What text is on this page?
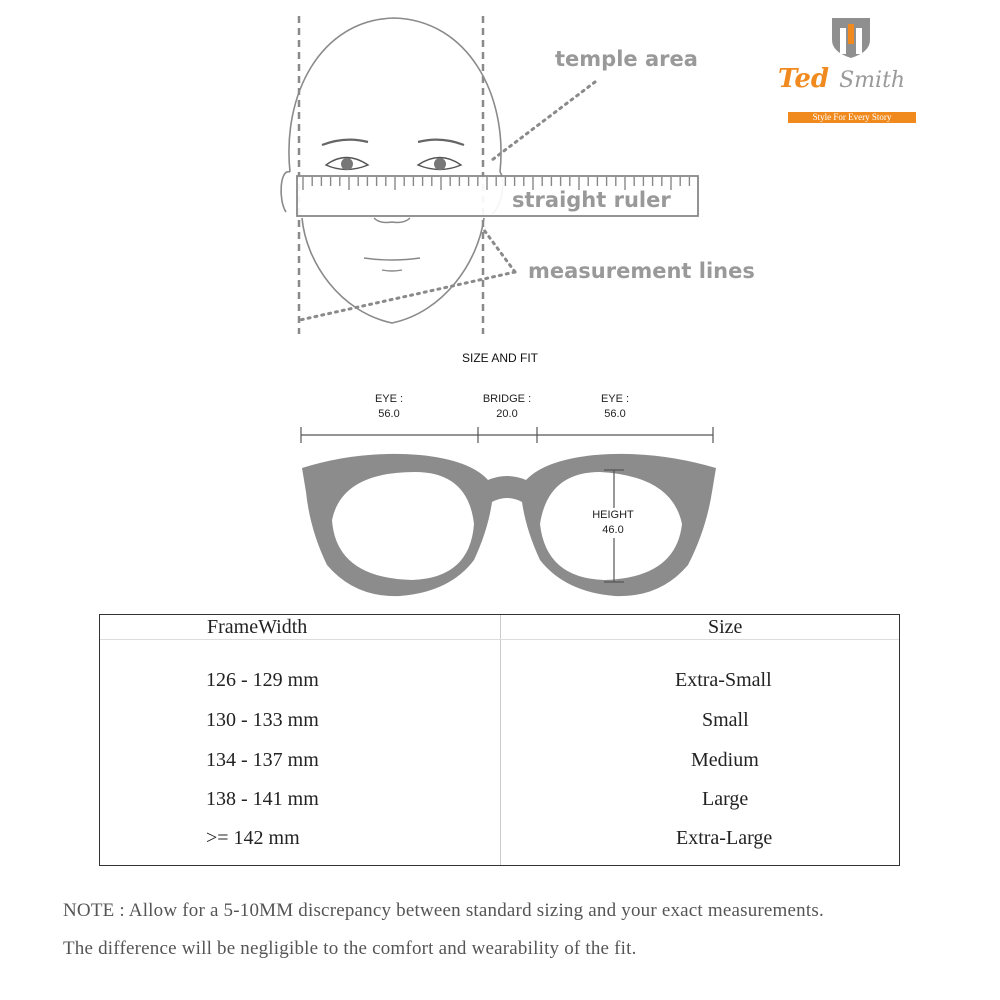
temple area
straight ruler
measurement lines
Ted Smith
Style For Every Story
SIZE AND FIT
EYE :
56.0
BRIDGE :
20.0
EYE :
56.0
HEIGHT
46.0
FrameWidth	Size
126 - 129 mm	Extra-Small
130 - 133 mm	Small
134 - 137 mm	Medium
138 - 141 mm	Large
>= 142 mm	Extra-Large
NOTE : Allow for a 5-10MM discrepancy between standard sizing and your exact measurements.
The difference will be negligible to the comfort and wearability of the fit.
